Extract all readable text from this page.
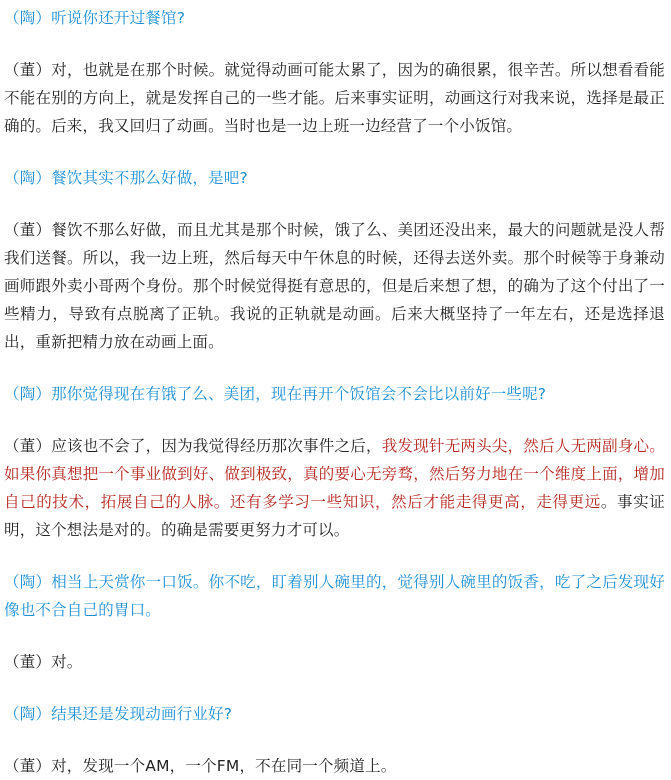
（陶）听说你还开过餐馆?

（董）对，也就是在那个时候。就觉得动画可能太累了，因为的确很累，很辛苦。所以想看看能不能在别的方向上，就是发挥自己的一些才能。后来事实证明，动画这行对我来说，选择是最正确的。后来，我又回归了动画。当时也是一边上班一边经营了一个小饭馆。

（陶）餐饮其实不那么好做，是吧?

（董）餐饮不那么好做，而且尤其是那个时候，饿了么、美团还没出来，最大的问题就是没人帮我们送餐。所以，我一边上班，然后每天中午休息的时候，还得去送外卖。那个时候等于身兼动画师跟外卖小哥两个身份。那个时候觉得挺有意思的，但是后来想了想，的确为了这个付出了一些精力，导致有点脱离了正轨。我说的正轨就是动画。后来大概坚持了一年左右，还是选择退出，重新把精力放在动画上面。

（陶）那你觉得现在有饿了么、美团，现在再开个饭馆会不会比以前好一些呢?

（董）应该也不会了，因为我觉得经历那次事件之后，我发现针无两头尖，然后人无两副身心。如果你真想把一个事业做到好、做到极致，真的要心无旁骛，然后努力地在一个维度上面，增加自己的技术，拓展自己的人脉。还有多学习一些知识，然后才能走得更高，走得更远。事实证明，这个想法是对的。的确是需要更努力才可以。

（陶）相当上天赏你一口饭。你不吃，盯着别人碗里的，觉得别人碗里的饭香，吃了之后发现好像也不合自己的胃口。

（董）对。

（陶）结果还是发现动画行业好?

（董）对，发现一个AM，一个FM，不在同一个频道上。
